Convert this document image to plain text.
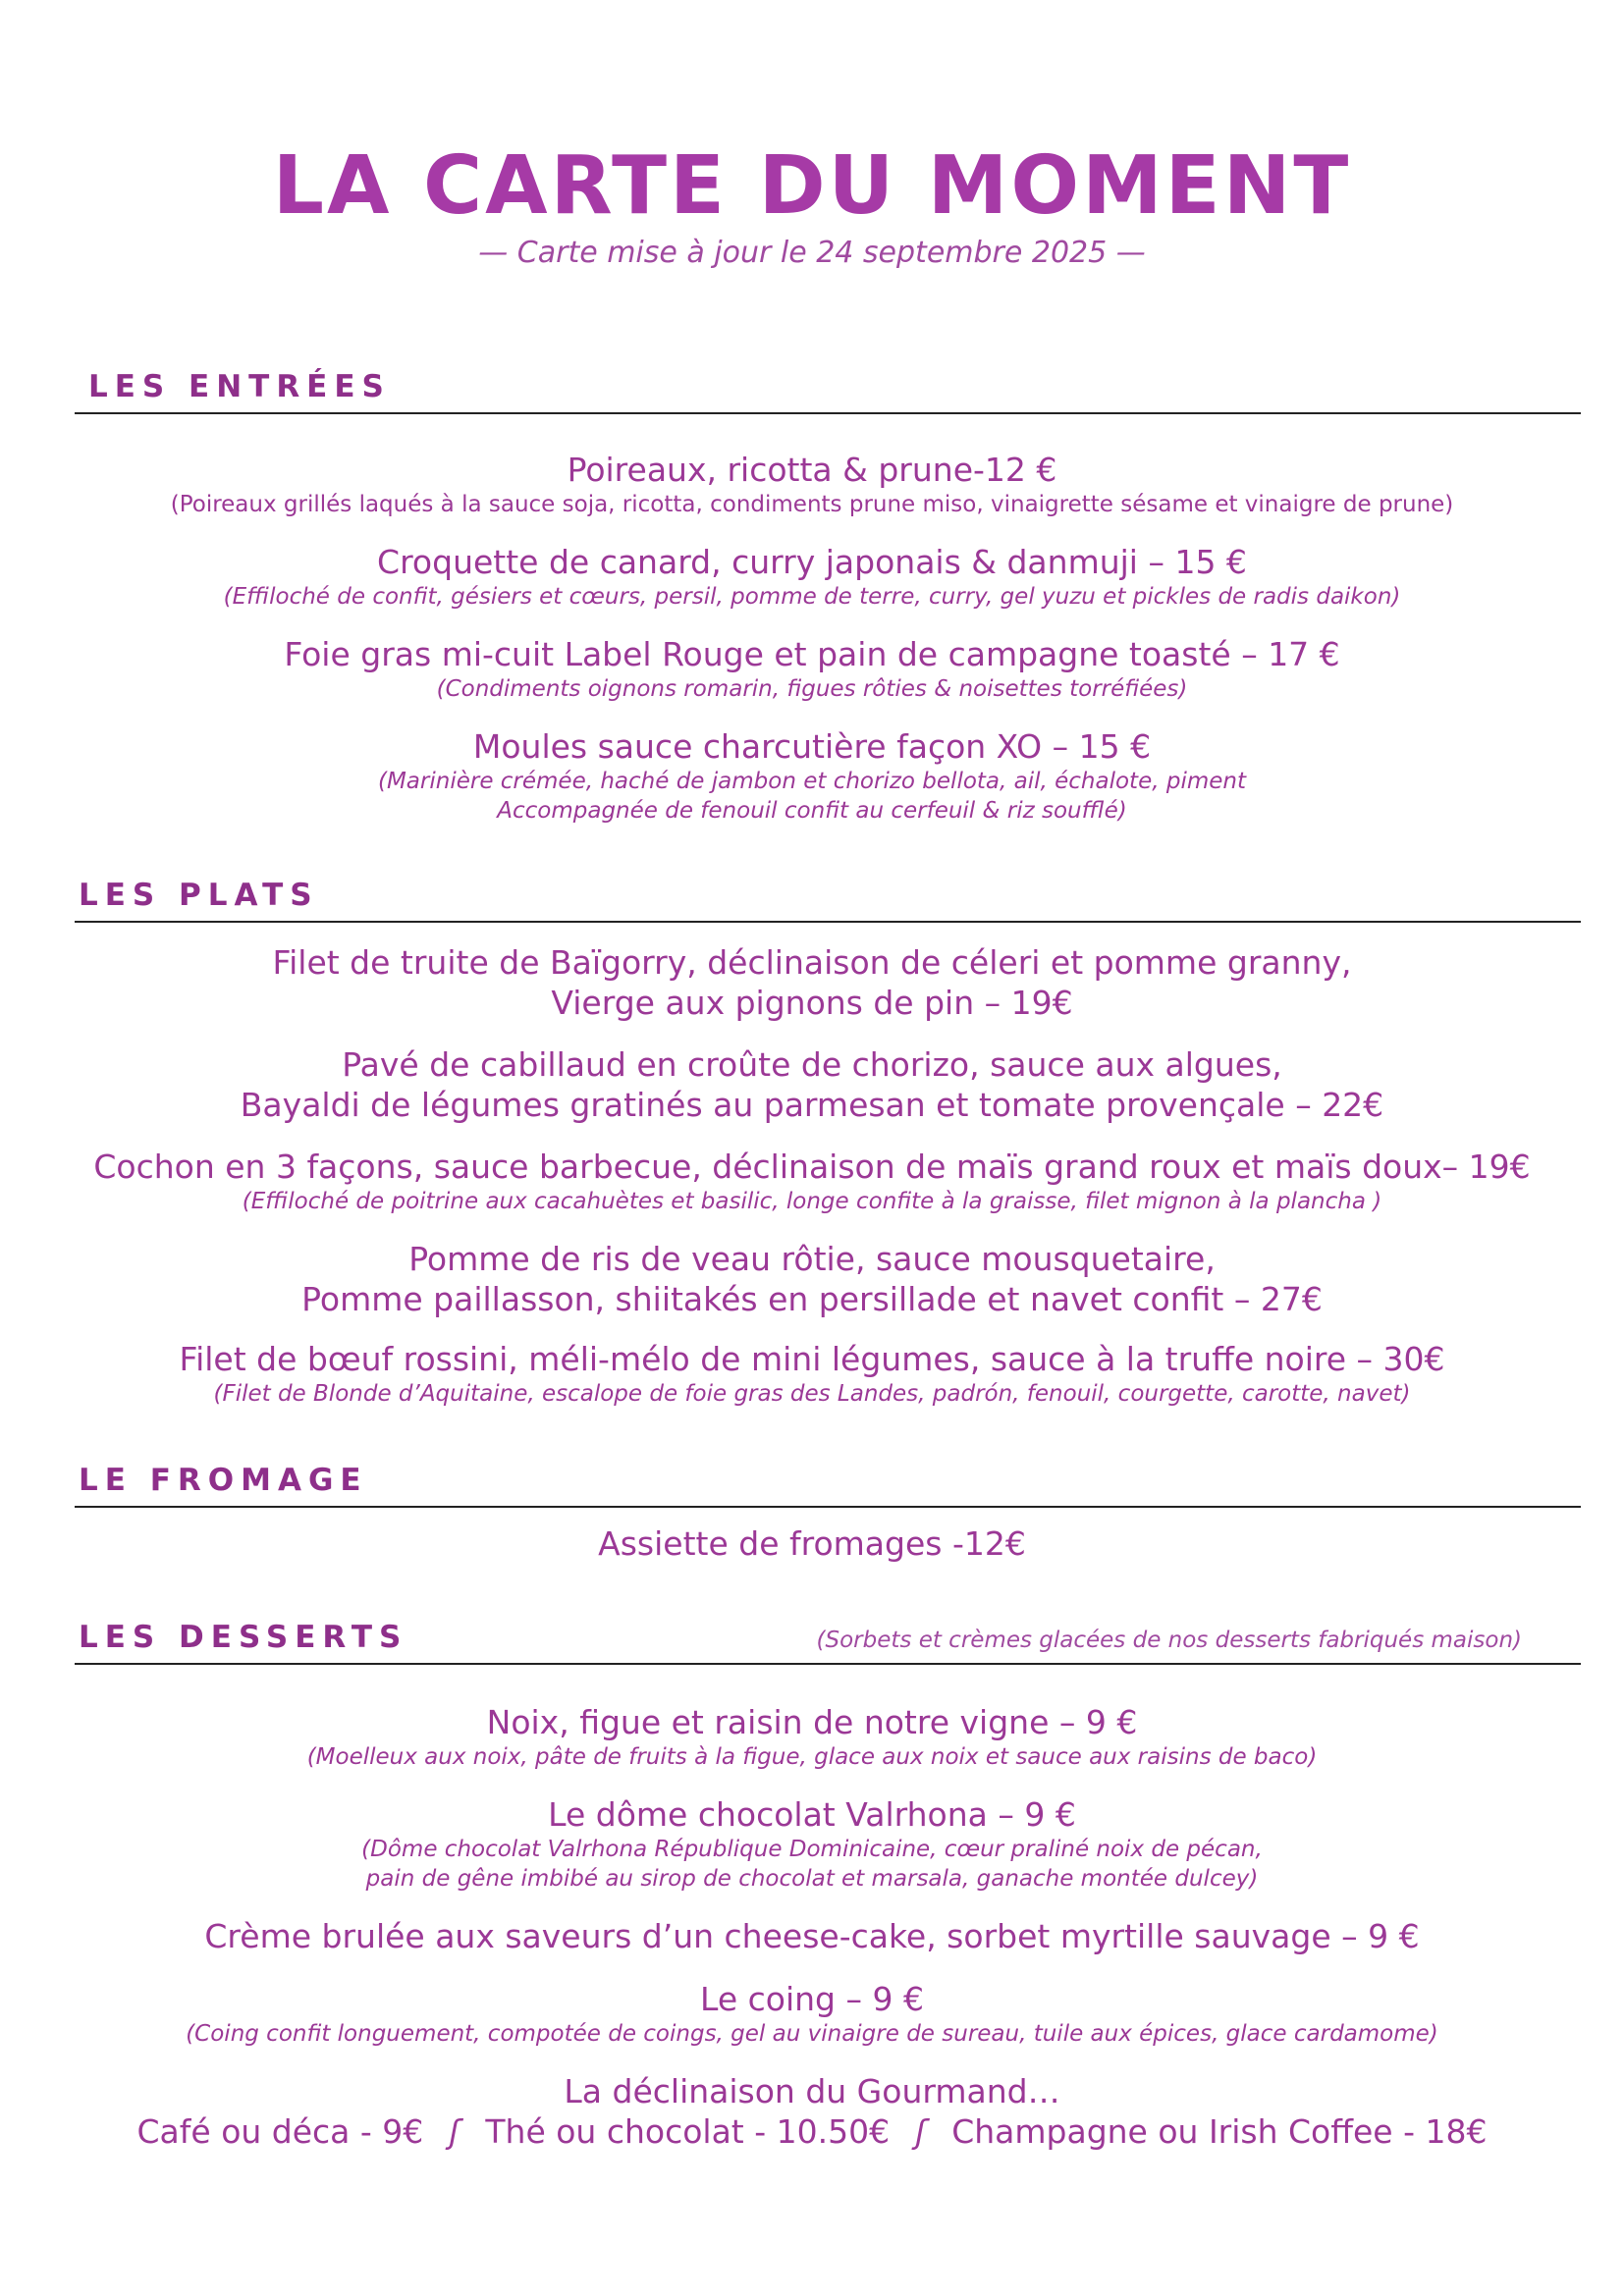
LA CARTE DU MOMENT
— Carte mise à jour le 24 septembre 2025 —
LES ENTRÉES
Poireaux, ricotta & prune-12 €
(Poireaux grillés laqués à la sauce soja, ricotta, condiments prune miso, vinaigrette sésame et vinaigre de prune)
Croquette de canard, curry japonais & danmuji – 15 €
(Effiloché de confit, gésiers et cœurs, persil, pomme de terre, curry, gel yuzu et pickles de radis daikon)
Foie gras mi-cuit Label Rouge et pain de campagne toasté – 17 €
(Condiments oignons romarin, figues rôties & noisettes torréfiées)
Moules sauce charcutière façon XO – 15 €
(Marinière crémée, haché de jambon et chorizo bellota, ail, échalote, piment
Accompagnée de fenouil confit au cerfeuil & riz soufflé)
LES PLATS
Filet de truite de Baïgorry, déclinaison de céleri et pomme granny,
Vierge aux pignons de pin – 19€
Pavé de cabillaud en croûte de chorizo, sauce aux algues,
Bayaldi de légumes gratinés au parmesan et tomate provençale – 22€
Cochon en 3 façons, sauce barbecue, déclinaison de maïs grand roux et maïs doux– 19€
(Effiloché de poitrine aux cacahuètes et basilic, longe confite à la graisse, filet mignon à la plancha )
Pomme de ris de veau rôtie, sauce mousquetaire,
Pomme paillasson, shiitakés en persillade et navet confit – 27€
Filet de bœuf rossini, méli-mélo de mini légumes, sauce à la truffe noire – 30€
(Filet de Blonde d’Aquitaine, escalope de foie gras des Landes, padrón, fenouil, courgette, carotte, navet)
LE FROMAGE
Assiette de fromages -12€
LES DESSERTS	(Sorbets et crèmes glacées de nos desserts fabriqués maison)
Noix, figue et raisin de notre vigne – 9 €
(Moelleux aux noix, pâte de fruits à la figue, glace aux noix et sauce aux raisins de baco)
Le dôme chocolat Valrhona – 9 €
(Dôme chocolat Valrhona République Dominicaine, cœur praliné noix de pécan,
pain de gêne imbibé au sirop de chocolat et marsala, ganache montée dulcey)
Crème brulée aux saveurs d’un cheese-cake, sorbet myrtille sauvage – 9 €
Le coing – 9 €
(Coing confit longuement, compotée de coings, gel au vinaigre de sureau, tuile aux épices, glace cardamome)
La déclinaison du Gourmand…
Café ou déca - 9€ ʃ Thé ou chocolat - 10.50€ ʃ Champagne ou Irish Coffee - 18€
